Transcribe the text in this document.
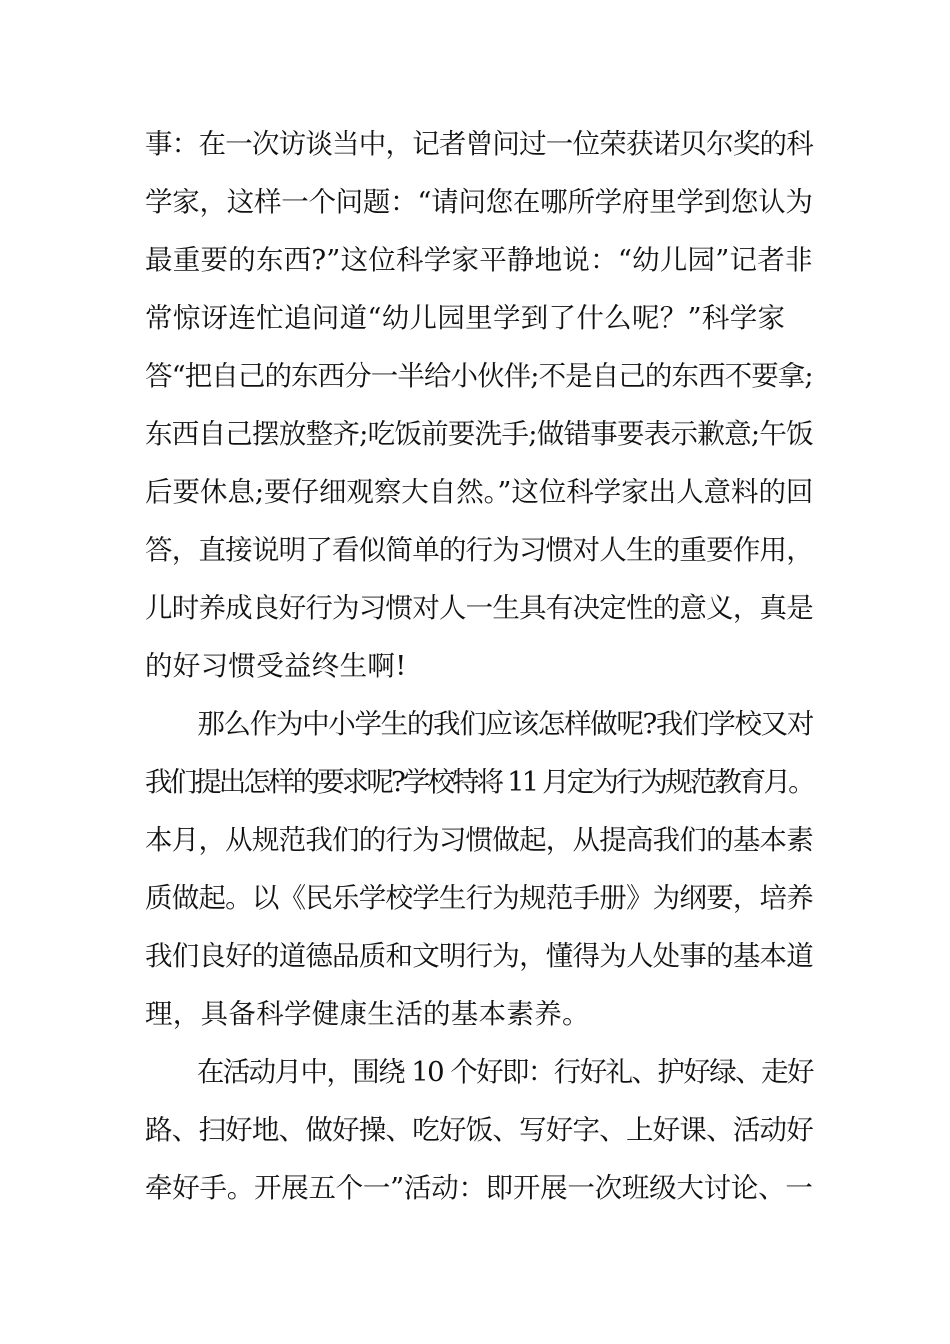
事：在一次访谈当中，记者曾问过一位荣获诺贝尔奖的科
学家，这样一个问题：“请问您在哪所学府里学到您认为
最重要的东西?”这位科学家平静地说：“幼儿园”记者非
常惊讶连忙追问道“幼儿园里学到了什么呢？”科学家
答“把自己的东西分一半给小伙伴;不是自己的东西不要拿;
东西自己摆放整齐;吃饭前要洗手;做错事要表示歉意;午饭
后要休息;要仔细观察大自然。”这位科学家出人意料的回
答，直接说明了看似简单的行为习惯对人生的重要作用，
儿时养成良好行为习惯对人一生具有决定性的意义，真是
的好习惯受益终生啊!
　　那么作为中小学生的我们应该怎样做呢?我们学校又对
我们提出怎样的要求呢?学校特将 11 月定为行为规范教育月。
本月，从规范我们的行为习惯做起，从提高我们的基本素
质做起。以《民乐学校学生行为规范手册》为纲要，培养
我们良好的道德品质和文明行为，懂得为人处事的基本道
理，具备科学健康生活的基本素养。
　　在活动月中，围绕 10 个好即：行好礼、护好绿、走好
路、扫好地、做好操、吃好饭、写好字、上好课、活动好
牵好手。开展五个一”活动：即开展一次班级大讨论、一
